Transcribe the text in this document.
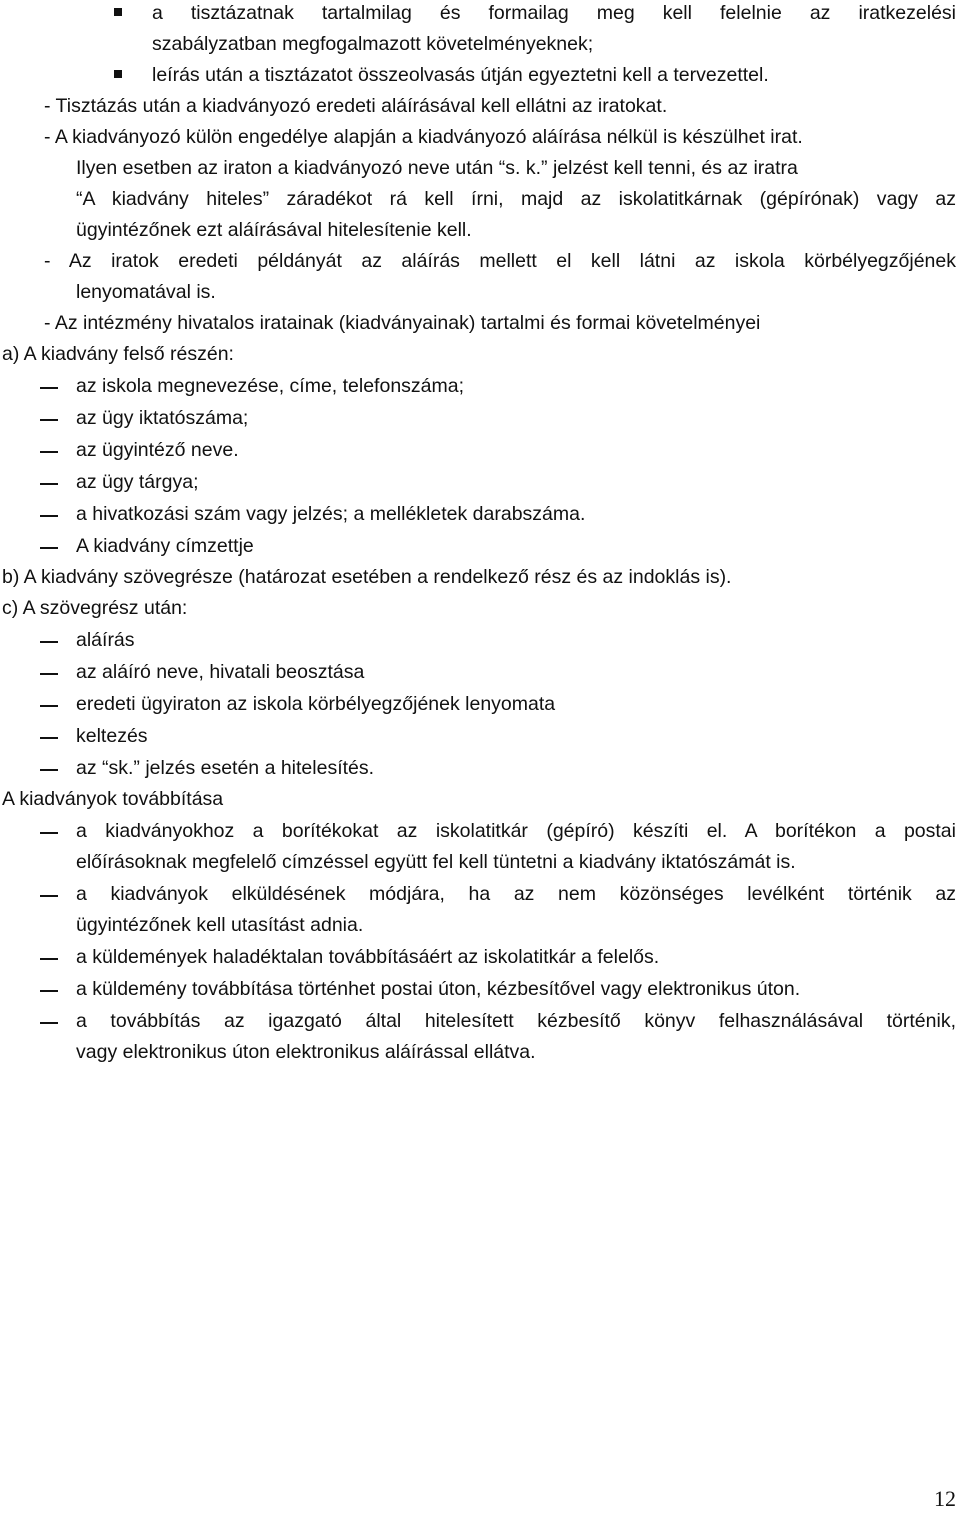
a tisztázatnak tartalmilag és formailag meg kell felelnie az iratkezelési
szabályzatban megfogalmazott követelményeknek;
leírás után a tisztázatot összeolvasás útján egyeztetni kell a tervezettel.
- Tisztázás után a kiadványozó eredeti aláírásával kell ellátni az iratokat.
- A kiadványozó külön engedélye alapján a kiadványozó aláírása nélkül is készülhet irat.
Ilyen esetben az iraton a kiadványozó neve után “s. k.” jelzést kell tenni, és az iratra
“A kiadvány hiteles” záradékot rá kell írni, majd az iskolatitkárnak (gépírónak) vagy az
ügyintézőnek ezt aláírásával hitelesítenie kell.
- Az iratok eredeti példányát az aláírás mellett el kell látni az iskola körbélyegzőjének
lenyomatával is.
- Az intézmény hivatalos iratainak (kiadványainak) tartalmi és formai követelményei
a) A kiadvány felső részén:
az iskola megnevezése, címe, telefonszáma;
az ügy iktatószáma;
az ügyintéző neve.
az ügy tárgya;
a hivatkozási szám vagy jelzés; a mellékletek darabszáma.
A kiadvány címzettje
b) A kiadvány szövegrésze (határozat esetében a rendelkező rész és az indoklás is).
c) A szövegrész után:
aláírás
az aláíró neve, hivatali beosztása
eredeti ügyiraton az iskola körbélyegzőjének lenyomata
keltezés
az “sk.” jelzés esetén a hitelesítés.
A kiadványok továbbítása
a kiadványokhoz a borítékokat az iskolatitkár (gépíró) készíti el. A borítékon a postai
előírásoknak megfelelő címzéssel együtt fel kell tüntetni a kiadvány iktatószámát is.
a kiadványok elküldésének módjára, ha az nem közönséges levélként történik az
ügyintézőnek kell utasítást adnia.
a küldemények haladéktalan továbbításáért az iskolatitkár a felelős.
a küldemény továbbítása történhet postai úton, kézbesítővel vagy elektronikus úton.
a továbbítás az igazgató által hitelesített kézbesítő könyv felhasználásával történik,
vagy elektronikus úton elektronikus aláírással ellátva.
12
